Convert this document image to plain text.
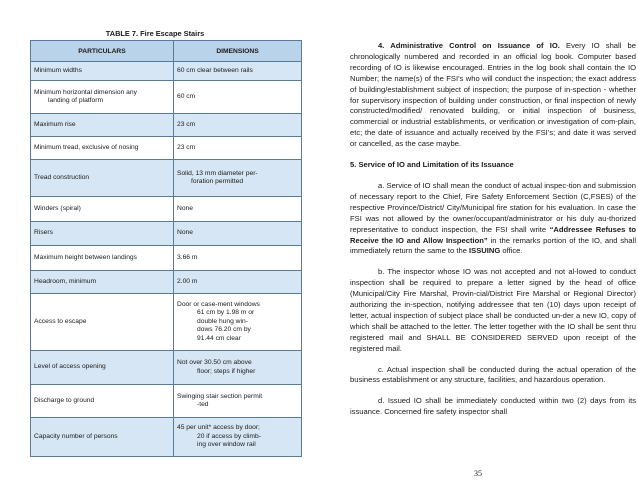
TABLE 7. Fire Escape Stairs
PARTICULARS	DIMENSIONS

Minimum widths	60 cm clear between rails

Minimum horizontal dimension any
landing of platform	60 cm

Maximum rise	23 cm

Minimum tread, exclusive of nosing	23 cm

Tread construction	Solid, 13 mm diameter per-
foration permitted

Winders (spiral)	None

Risers	None

Maximum height between landings	3.66 m

Headroom, minimum	2.00 m

Access to escape	Door or case-ment windows
61 cm by 1.98 m or
double hung win-
dows 76.20 cm by
91.44 cm clear

Level of access opening	Not over 30.50 cm above
floor; steps if higher

Discharge to ground	Swinging stair section permit
-ted

Capacity number of persons	45 per unit* access by door;
20 if access by climb-
ing over window rail

4. Administrative Control on Issuance of IO. Every IO shall be chronologically numbered and recorded in an official log book. Computer based recording of IO is likewise encouraged. Entries in the log book shall contain the IO Number; the name(s) of the FSI’s who will conduct the inspection; the exact address of building/establishment subject of inspection; the purpose of in-spection - whether for supervisory inspection of building under construction, or final inspection of newly constructed/modified/ renovated building, or initial inspection of business, commercial or industrial establishments, or verification or investigation of com-plain, etc; the date of issuance and actually received by the FSI’s; and date it was served or cancelled, as the case maybe.

5. Service of IO and Limitation of its Issuance

a. Service of IO shall mean the conduct of actual inspec-tion and submission of necessary report to the Chief, Fire Safety Enforcement Section (C,FSES) of the respective Province/District/ City/Municipal fire station for his evaluation. In case the FSI was not allowed by the owner/occupant/administrator or his duly au-thorized representative to conduct inspection, the FSI shall write “Addressee Refuses to Receive the IO and Allow Inspection” in the remarks portion of the IO, and shall immediately return the same to the ISSUING office.

b. The inspector whose IO was not accepted and not al-lowed to conduct inspection shall be required to prepare a letter signed by the head of office (Municipal/City Fire Marshal, Provin-cial/District Fire Marshal or Regional Director) authorizing the in-spection, notifying addressee that ten (10) days upon receipt of letter, actual inspection of subject place shall be conducted un-der a new IO, copy of which shall be attached to the letter. The letter together with the IO shall be sent thru registered mail and SHALL BE CONSIDERED SERVED upon receipt of the registered mail.

c. Actual inspection shall be conducted during the actual operation of the business establishment or any structure, facilities, and hazardous operation.

d. Issued IO shall be immediately conducted within two (2) days from its issuance. Concerned fire safety inspector shall

35
